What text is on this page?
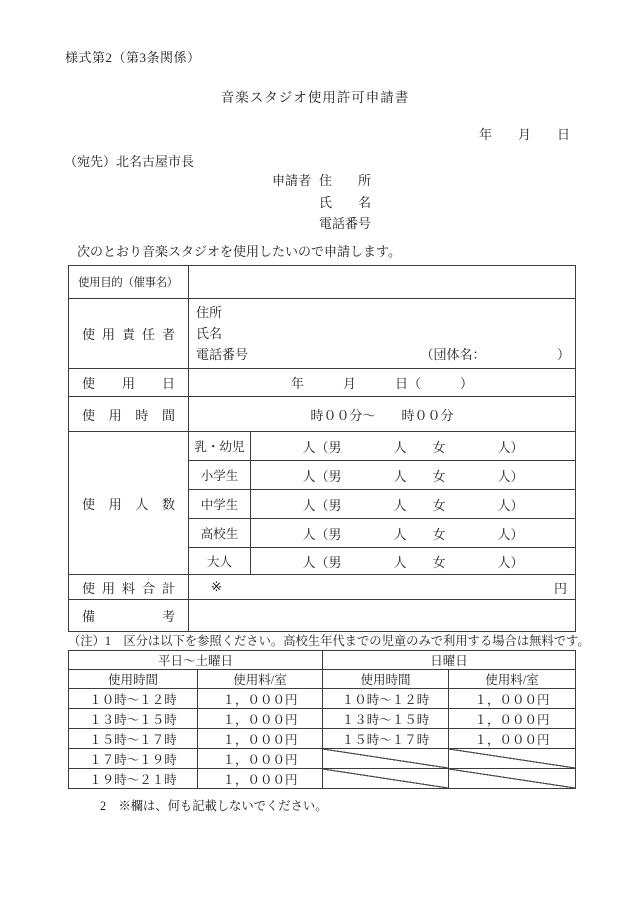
様式第2（第3条関係）
音楽スタジオ使用許可申請書
年　　月　　日
（宛先）北名古屋市長
申請者 住　　所
氏　　名
電話番号
次のとおり音楽スタジオを使用したいので申請します。
使用目的（催事名）		
使用責任者	住所
氏名
電話番号 （団体名：　　　　　　）	

使用日	年　　　月　　　日（　　　）	
使用時間	時００分～　　時００分	
使用人数	乳・幼児	人（男　　　　人　　女　　　　人）
	小学生	人（男　　　　人　　女　　　　人）
	中学生	人（男　　　　人　　女　　　　人）
	高校生	人（男　　　　人　　女　　　　人）
	大人	人（男　　　　人　　女　　　　人）
使用料合計	※ 円	

備考		
（注）1　区分は以下を参照ください。高校生年代までの児童のみで利用する場合は無料です。
平日～土曜日		日曜日	
使用時間	使用料/室	使用時間	使用料/室
１０時～１２時	１，０００円	１０時～１２時	１，０００円
１３時～１５時	１，０００円	１３時～１５時	１，０００円
１５時～１７時	１，０００円	１５時～１７時	１，０００円
１７時～１９時	１，０００円	

１９時～２１時	１，０００円	

2　※欄は、何も記載しないでください。
